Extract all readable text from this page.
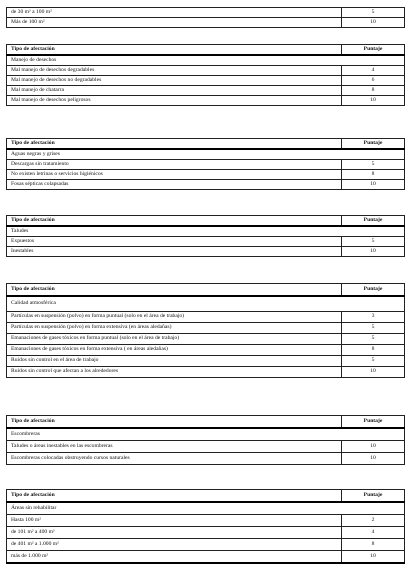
de 30 m² a 100 m²	5
Más de 100 m²	10
Tipo de afectación	Puntaje
Manejo de desechos	
Mal manejo de desechos degradables	4
Mal manejo de desechos no degradables	6
Mal manejo de chatarra	8
Mal manejo de desechos peligrosos	10
Tipo de afectación	Puntaje
Aguas negras y grises	
Descargas sin tratamiento	5
No existen letrinas o servicios higiénicos	8
Fosas sépticas colapsadas	10
Tipo de afectación	Puntaje
Taludes	
Expuestos	5
Inestables	10
Tipo de afectación	Puntaje
Calidad atmosférica	
Partículas en suspensión (polvo) en forma puntual (solo en el área de trabajo)	3
Partículas en suspensión (polvo) en forma extensiva (en áreas aledañas)	5
Emanaciones de gases tóxicos en forma puntual (solo en el área de trabajo)	5
Emanaciones de gases tóxicos en forma extensiva ( en áreas aledañas)	8
Ruidos sin control en el área de trabajo	5
Ruidos sin control que afectan a los alrededores	10
Tipo de afectación	Puntaje
Escombreras	
Taludes o áreas inestables en las escombreras	10
Escombreras colocadas obstruyendo cursos naturales	10
Tipo de afectación	Puntaje
Áreas sin rehabilitar	
Hasta 100 m²	2
de 101 m² a 400 m²	4
de 401 m² a 1.000 m²	8
más de 1.000 m²	10
